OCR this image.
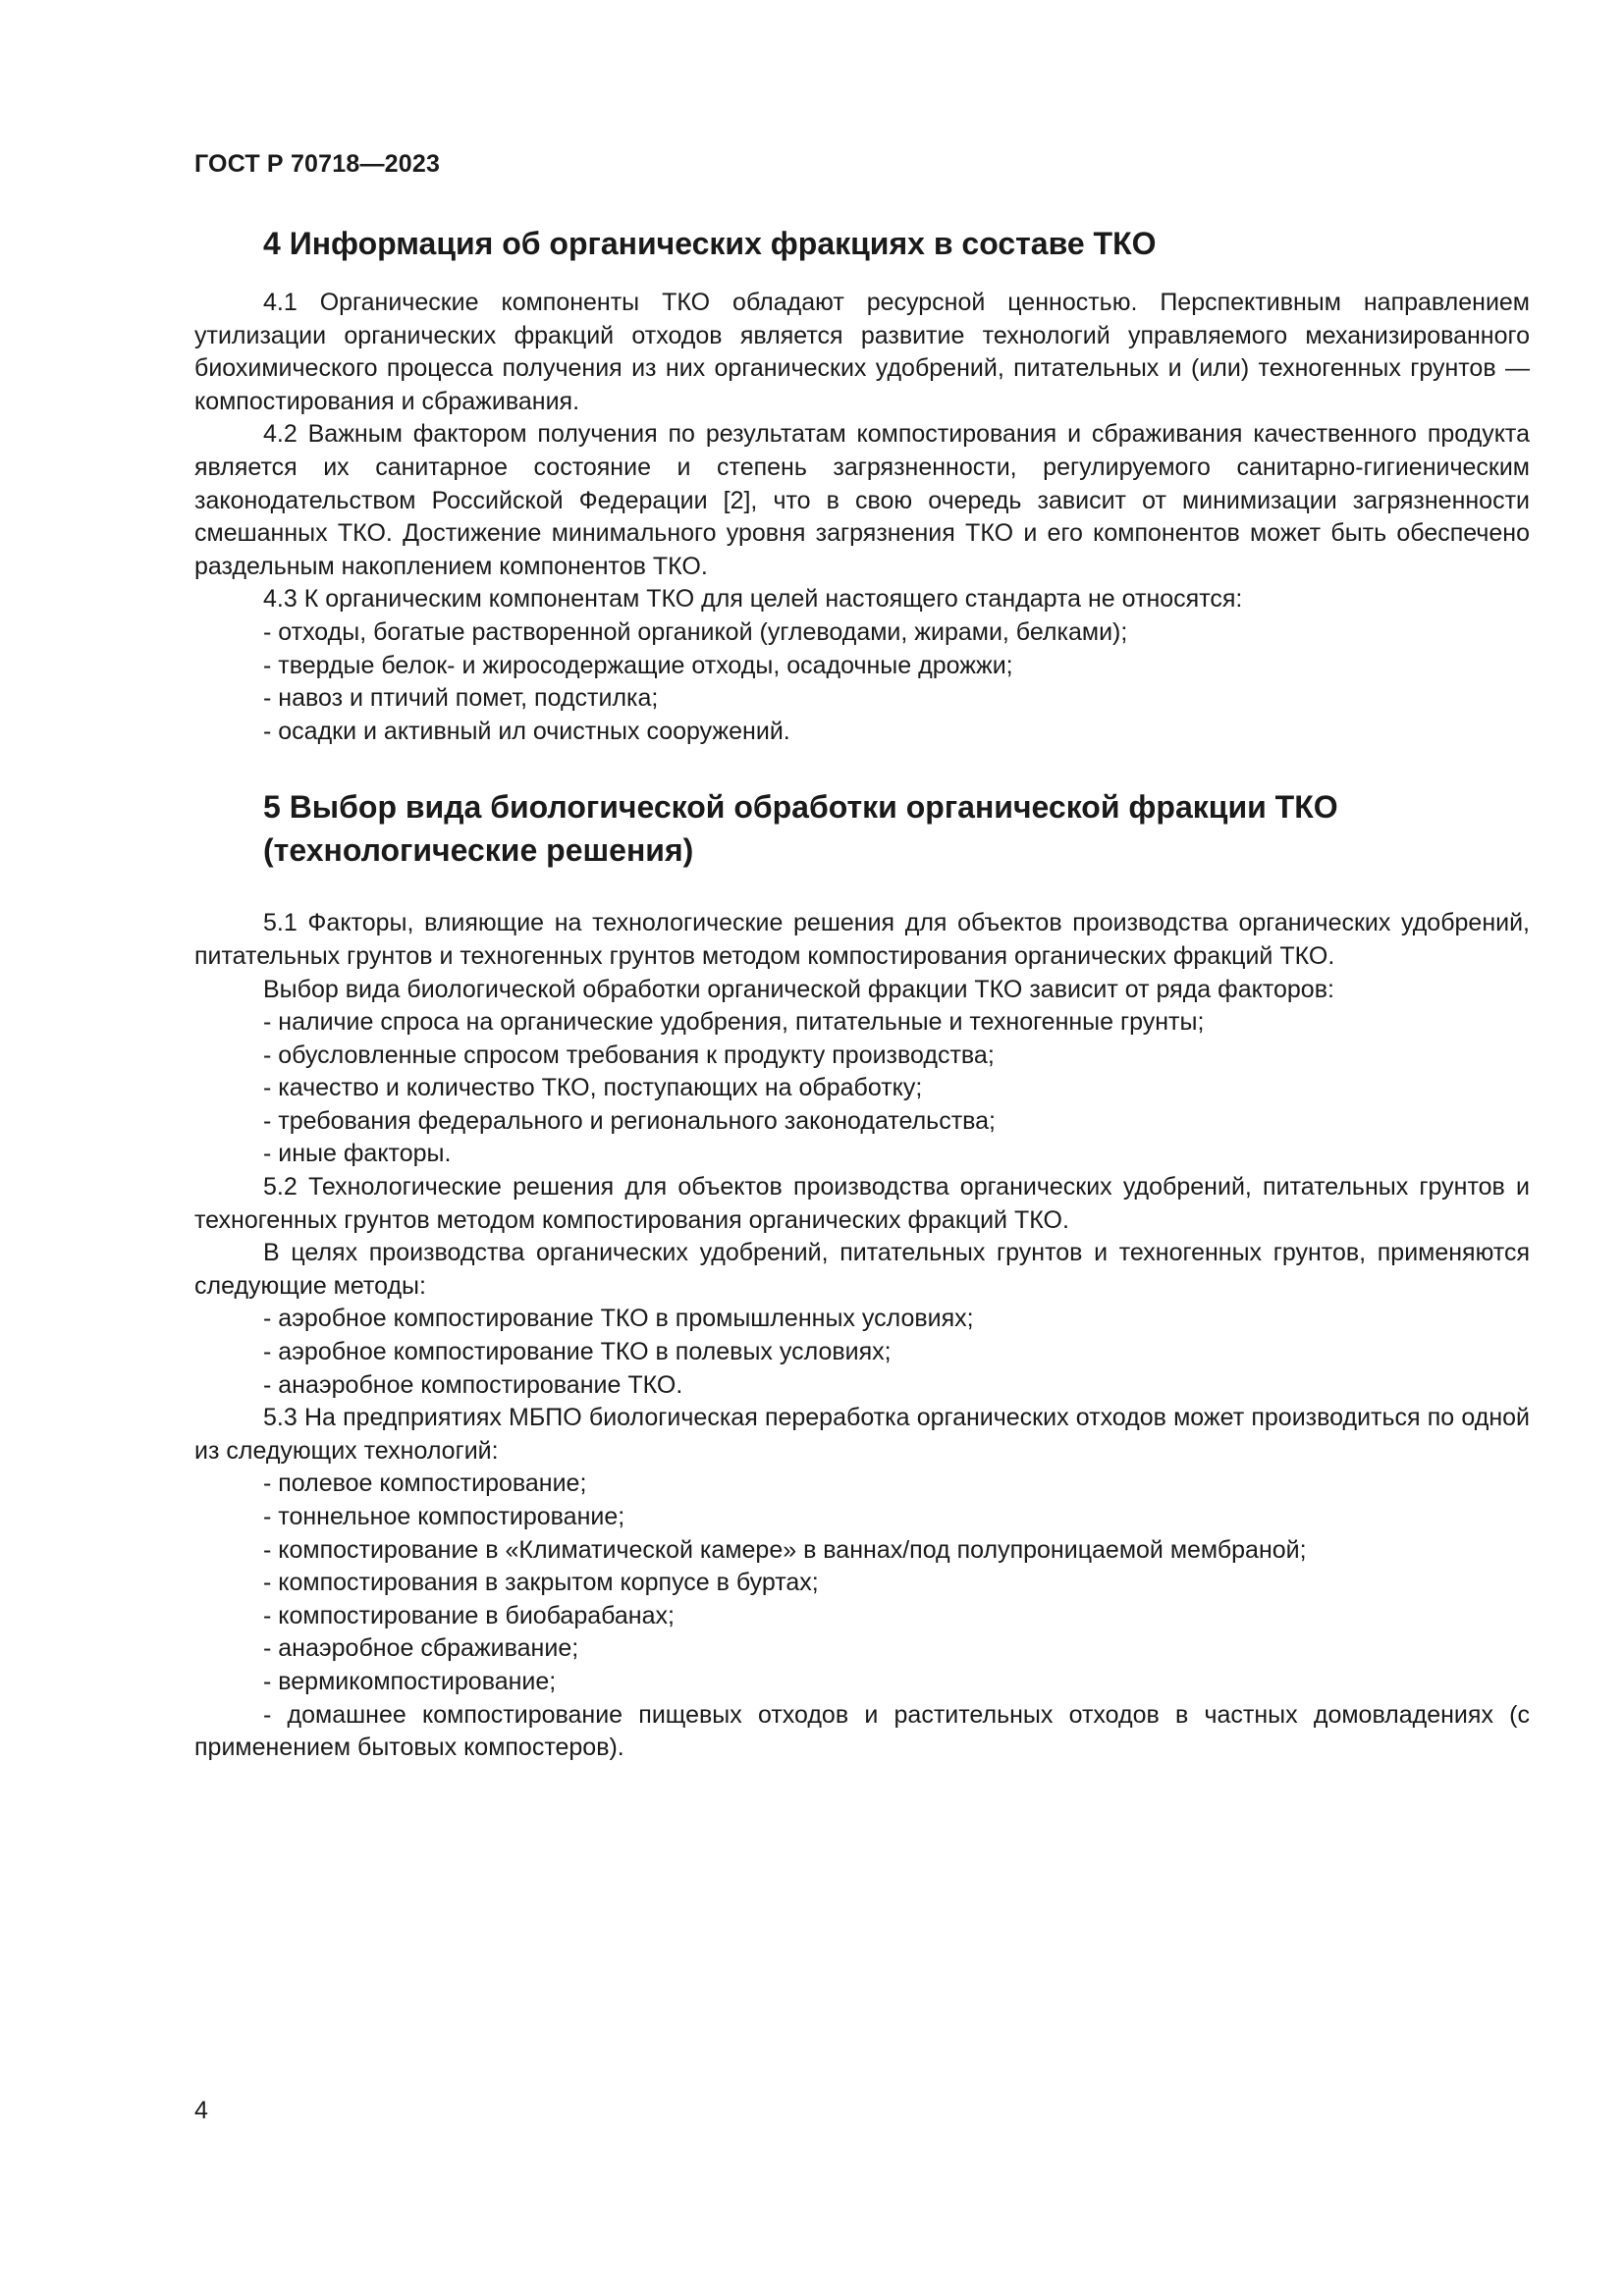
ГОСТ Р 70718—2023
4 Информация об органических фракциях в составе ТКО

4.1 Органические компоненты ТКО обладают ресурсной ценностью. Перспективным направлением утилизации органических фракций отходов является развитие технологий управляемого механизированного биохимического процесса получения из них органических удобрений, питательных и (или) техногенных грунтов — компостирования и сбраживания.

4.2 Важным фактором получения по результатам компостирования и сбраживания качественного продукта является их санитарное состояние и степень загрязненности, регулируемого санитарно-гигиеническим законодательством Российской Федерации [2], что в свою очередь зависит от минимизации загрязненности смешанных ТКО. Достижение минимального уровня загрязнения ТКО и его компонентов может быть обеспечено раздельным накоплением компонентов ТКО.

4.3 К органическим компонентам ТКО для целей настоящего стандарта не относятся:

- отходы, богатые растворенной органикой (углеводами, жирами, белками);
- твердые белок- и жиросодержащие отходы, осадочные дрожжи;
- навоз и птичий помет, подстилка;
- осадки и активный ил очистных сооружений.
5 Выбор вида биологической обработки органической фракции ТКО (технологические решения)

5.1 Факторы, влияющие на технологические решения для объектов производства органических удобрений, питательных грунтов и техногенных грунтов методом компостирования органических фракций ТКО.

Выбор вида биологической обработки органической фракции ТКО зависит от ряда факторов:

- наличие спроса на органические удобрения, питательные и техногенные грунты;
- обусловленные спросом требования к продукту производства;
- качество и количество ТКО, поступающих на обработку;
- требования федерального и регионального законодательства;
- иные факторы.

5.2 Технологические решения для объектов производства органических удобрений, питательных грунтов и техногенных грунтов методом компостирования органических фракций ТКО.

В целях производства органических удобрений, питательных грунтов и техногенных грунтов, применяются следующие методы:

- аэробное компостирование ТКО в промышленных условиях;
- аэробное компостирование ТКО в полевых условиях;
- анаэробное компостирование ТКО.

5.3 На предприятиях МБПО биологическая переработка органических отходов может производиться по одной из следующих технологий:

- полевое компостирование;
- тоннельное компостирование;
- компостирование в «Климатической камере» в ваннах/под полупроницаемой мембраной;
- компостирования в закрытом корпусе в буртах;
- компостирование в биобарабанах;
- анаэробное сбраживание;
- вермикомпостирование;

- домашнее компостирование пищевых отходов и растительных отходов в частных домовладениях (с применением бытовых компостеров).

4
